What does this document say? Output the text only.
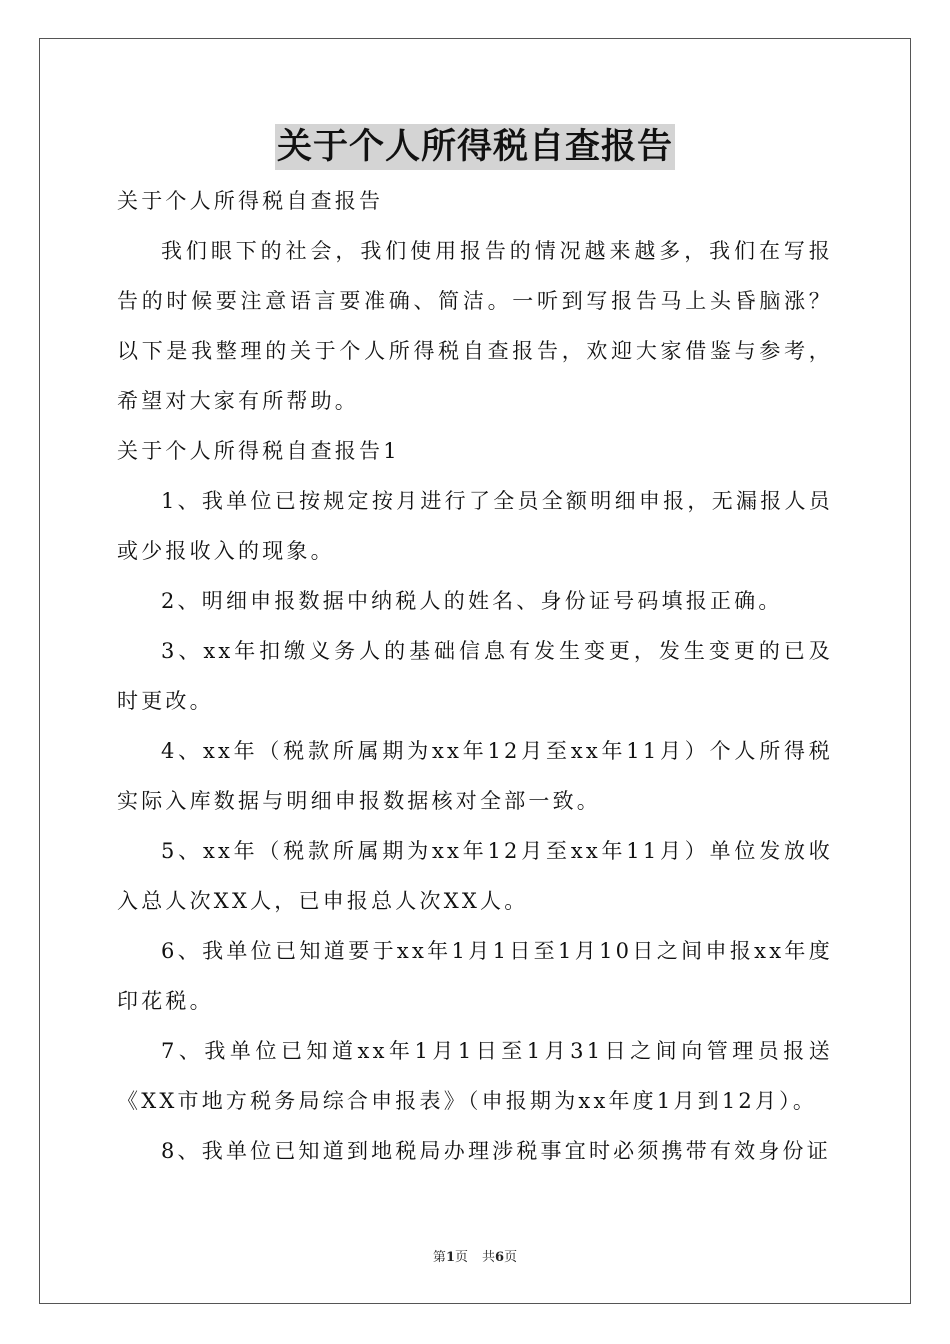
关于个人所得税自查报告

关于个人所得税自查报告

我们眼下的社会，我们使用报告的情况越来越多，我们在写报告的时候要注意语言要准确、简洁。一听到写报告马上头昏脑涨？以下是我整理的关于个人所得税自查报告，欢迎大家借鉴与参考，希望对大家有所帮助。

关于个人所得税自查报告1

1、我单位已按规定按月进行了全员全额明细申报，无漏报人员或少报收入的现象。

2、明细申报数据中纳税人的姓名、身份证号码填报正确。

3、xx年扣缴义务人的基础信息有发生变更，发生变更的已及时更改。

4、xx年（税款所属期为xx年12月至xx年11月）个人所得税实际入库数据与明细申报数据核对全部一致。

5、xx年（税款所属期为xx年12月至xx年11月）单位发放收入总人次XX人，已申报总人次XX人。

6、我单位已知道要于xx年1月1日至1月10日之间申报xx年度印花税。

7、我单位已知道xx年1月1日至1月31日之间向管理员报送《XX市地方税务局综合申报表》（申报期为xx年度1月到12月）。

8、我单位已知道到地税局办理涉税事宜时必须携带有效身份证

第1页 共6页
